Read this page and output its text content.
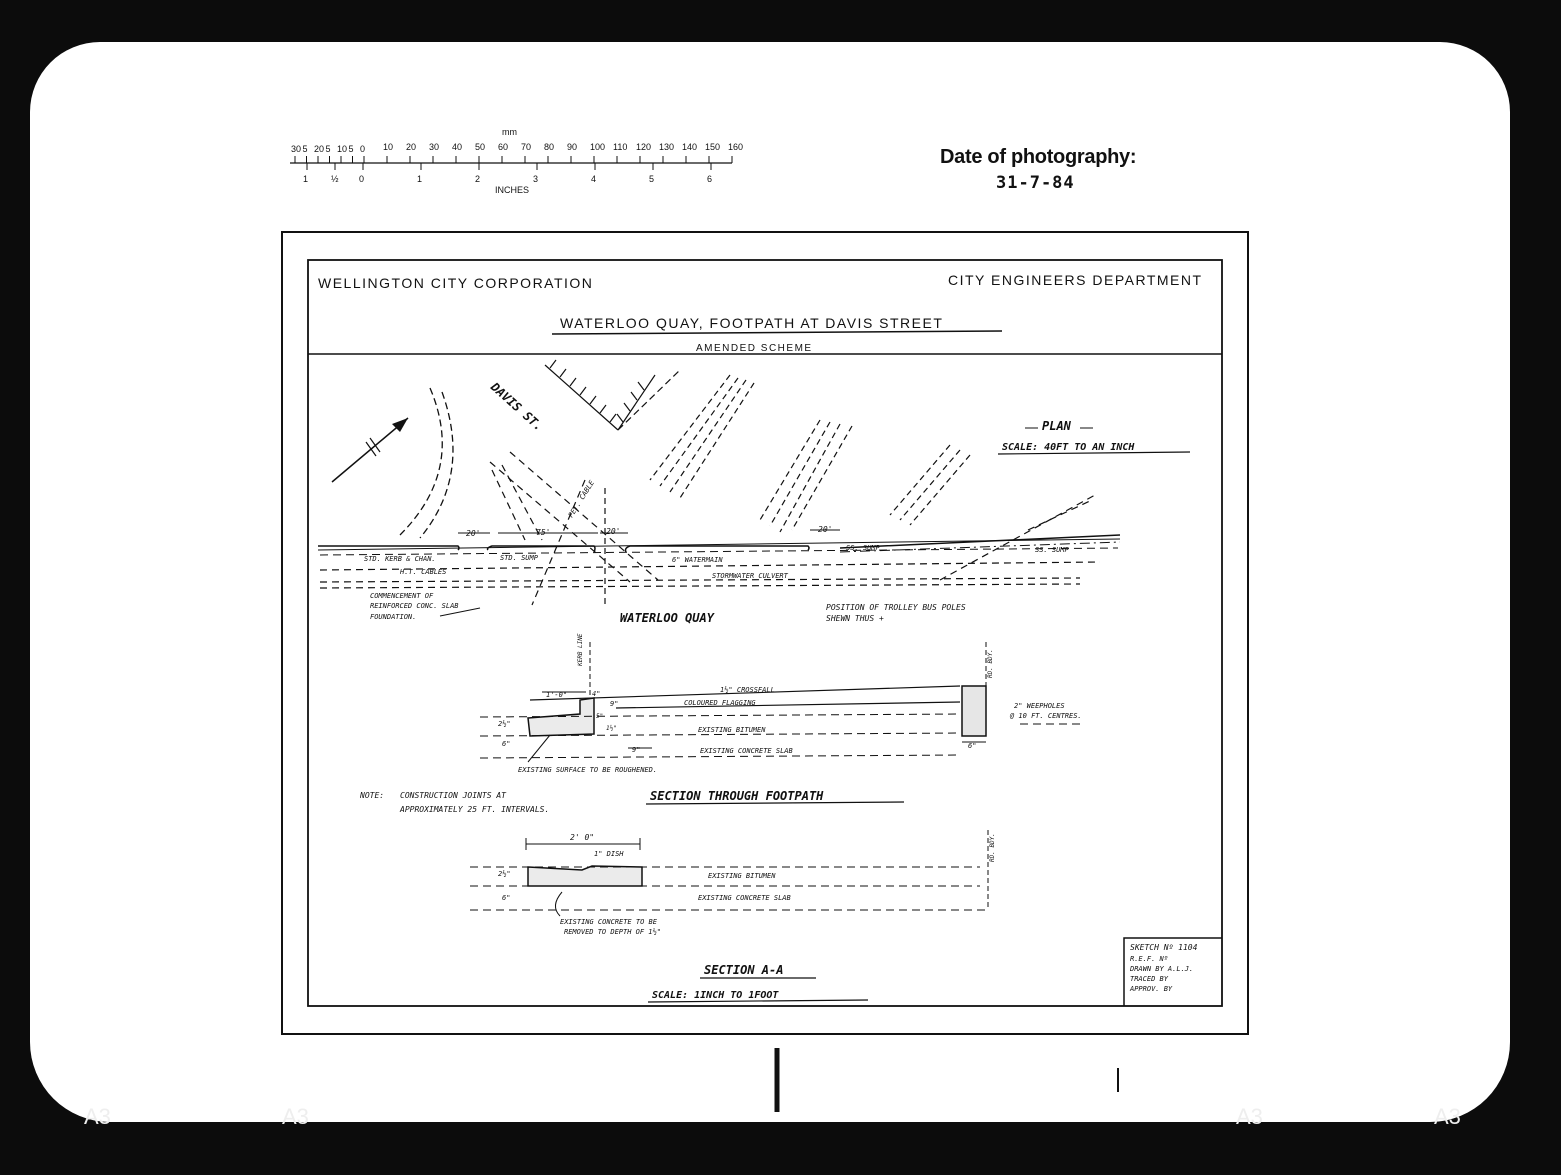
mm
30 5 20 5 10 5 0 10 20 30 40 50 60 70 80 90 100 110 120 130 140 150 160
1	½ 0	1	2	3	4	5	6
INCHES
Date of photography:
31-7-84
WELLINGTON CITY CORPORATION	CITY ENGINEERS DEPARTMENT
WATERLOO QUAY, FOOTPATH AT DAVIS STREET
AMENDED SCHEME
PLAN
SCALE: 40FT TO AN INCH
DAVIS ST.
PET. CABLE
20'	75'	20'	20'
STD. KERB & CHAN.
H.T. CABLES
STD. SUMP
SS. SUMP	SS. SUMP
6" WATERMAIN
STORMWATER CULVERT
COMMENCEMENT OF
REINFORCED CONC. SLAB
FOUNDATION.	WATERLOO QUAY
POSITION OF TROLLEY BUS POLES
SHEWN THUS +
KERB LINE	RD. BDY.
1'-0"	4"
9"
9"
5"
1½"
2½"
6"	6"
1½" CROSSFALL
COLOURED FLAGGING
EXISTING BITUMEN
EXISTING CONCRETE SLAB
2" WEEPHOLES
@ 10 FT. CENTRES.
EXISTING SURFACE TO BE ROUGHENED.
SECTION THROUGH FOOTPATH
NOTE: CONSTRUCTION JOINTS AT
APPROXIMATELY 25 FT. INTERVALS.
2' 0"
1" DISH
2½"
6"
EXISTING BITUMEN
EXISTING CONCRETE SLAB
EXISTING CONCRETE TO BE
REMOVED TO DEPTH OF 1½"
RD. BDY.
SECTION A-A
SCALE: 1INCH TO 1FOOT
SKETCH Nº 1104
R.E.F. Nº
DRAWN BY A.L.J.
TRACED BY
APPROV. BY
A3	A3	A3	A3
